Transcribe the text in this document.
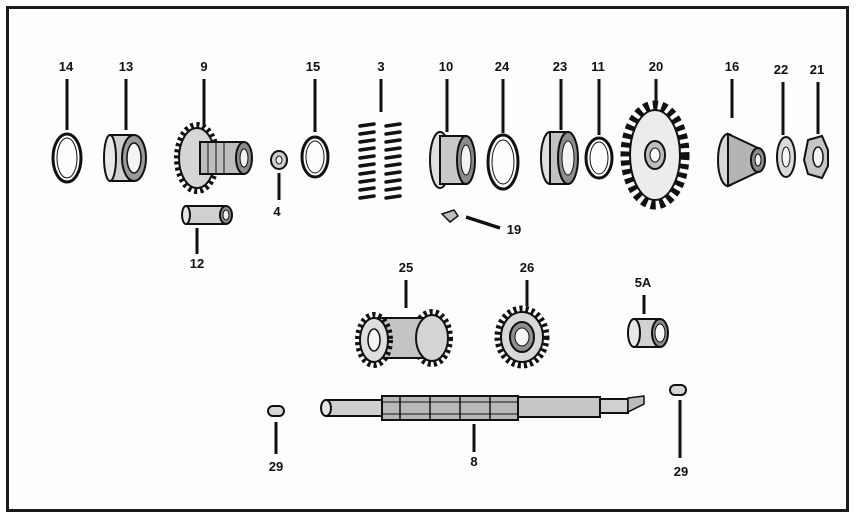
14	13	9
12
4
15	3	10
19
24	23 11	20	16	22 21
25	26
5A
8
29	29
